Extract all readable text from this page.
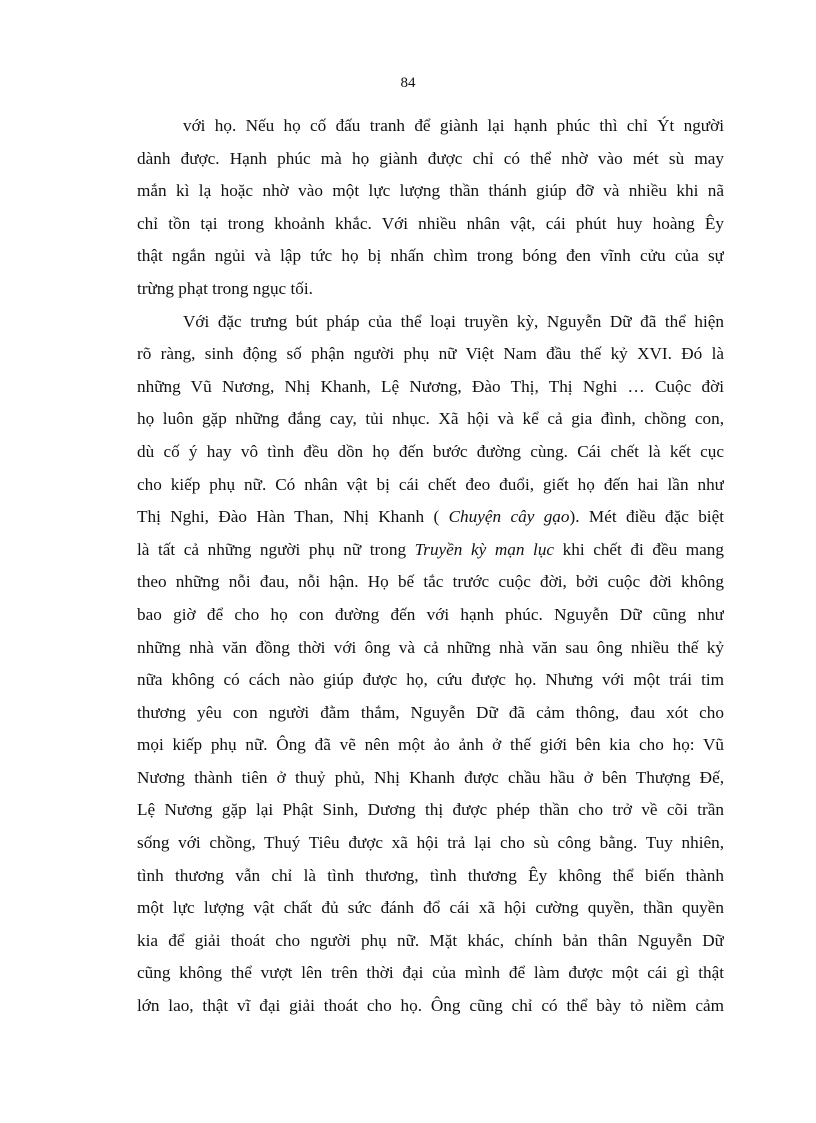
84
với họ. Nếu họ cố đấu tranh để giành lại hạnh phúc thì chỉ Ýt người
dành được. Hạnh phúc mà họ giành được chỉ có thể nhờ vào mét sù may
mắn kì lạ hoặc nhờ vào một lực lượng thần thánh giúp đỡ và nhiều khi nã
chỉ tồn tại trong khoảnh khắc. Với nhiều nhân vật, cái phút huy hoàng Êy
thật ngắn ngủi và lập tức họ bị nhấn chìm trong bóng đen vĩnh cửu của sự
trừng phạt trong ngục tối.
Với đặc trưng bút pháp của thể loại truyền kỳ, Nguyễn Dữ đã thể hiện
rõ ràng, sinh động số phận người phụ nữ Việt Nam đầu thế kỷ XVI. Đó là
những Vũ Nương, Nhị Khanh, Lệ Nương, Đào Thị, Thị Nghi … Cuộc đời
họ luôn gặp những đắng cay, tủi nhục. Xã hội và kể cả gia đình, chồng con,
dù cố ý hay vô tình đều dồn họ đến bước đường cùng. Cái chết là kết cục
cho kiếp phụ nữ. Có nhân vật bị cái chết đeo đuổi, giết họ đến hai lần như
Thị Nghi, Đào Hàn Than, Nhị Khanh ( Chuyện cây gạo). Mét điều đặc biệt
là tất cả những người phụ nữ trong Truyền kỳ mạn lục khi chết đi đều mang
theo những nỗi đau, nỗi hận. Họ bế tắc trước cuộc đời, bởi cuộc đời không
bao giờ để cho họ con đường đến với hạnh phúc. Nguyễn Dữ cũng như
những nhà văn đồng thời với ông và cả những nhà văn sau ông nhiều thế kỷ
nữa không có cách nào giúp được họ, cứu được họ. Nhưng với một trái tim
thương yêu con người đằm thắm, Nguyễn Dữ đã cảm thông, đau xót cho
mọi kiếp phụ nữ. Ông đã vẽ nên một ảo ảnh ở thế giới bên kia cho họ: Vũ
Nương thành tiên ở thuỷ phủ, Nhị Khanh được chầu hầu ở bên Thượng Đế,
Lệ Nương gặp lại Phật Sinh, Dương thị được phép thần cho trở về cõi trần
sống với chồng, Thuý Tiêu được xã hội trả lại cho sù công bằng. Tuy nhiên,
tình thương vẫn chỉ là tình thương, tình thương Êy không thể biến thành
một lực lượng vật chất đủ sức đánh đổ cái xã hội cường quyền, thần quyền
kia để giải thoát cho người phụ nữ. Mặt khác, chính bản thân Nguyễn Dữ
cũng không thể vượt lên trên thời đại của mình để làm được một cái gì thật
lớn lao, thật vĩ đại giải thoát cho họ. Ông cũng chỉ có thể bày tỏ niềm cảm
